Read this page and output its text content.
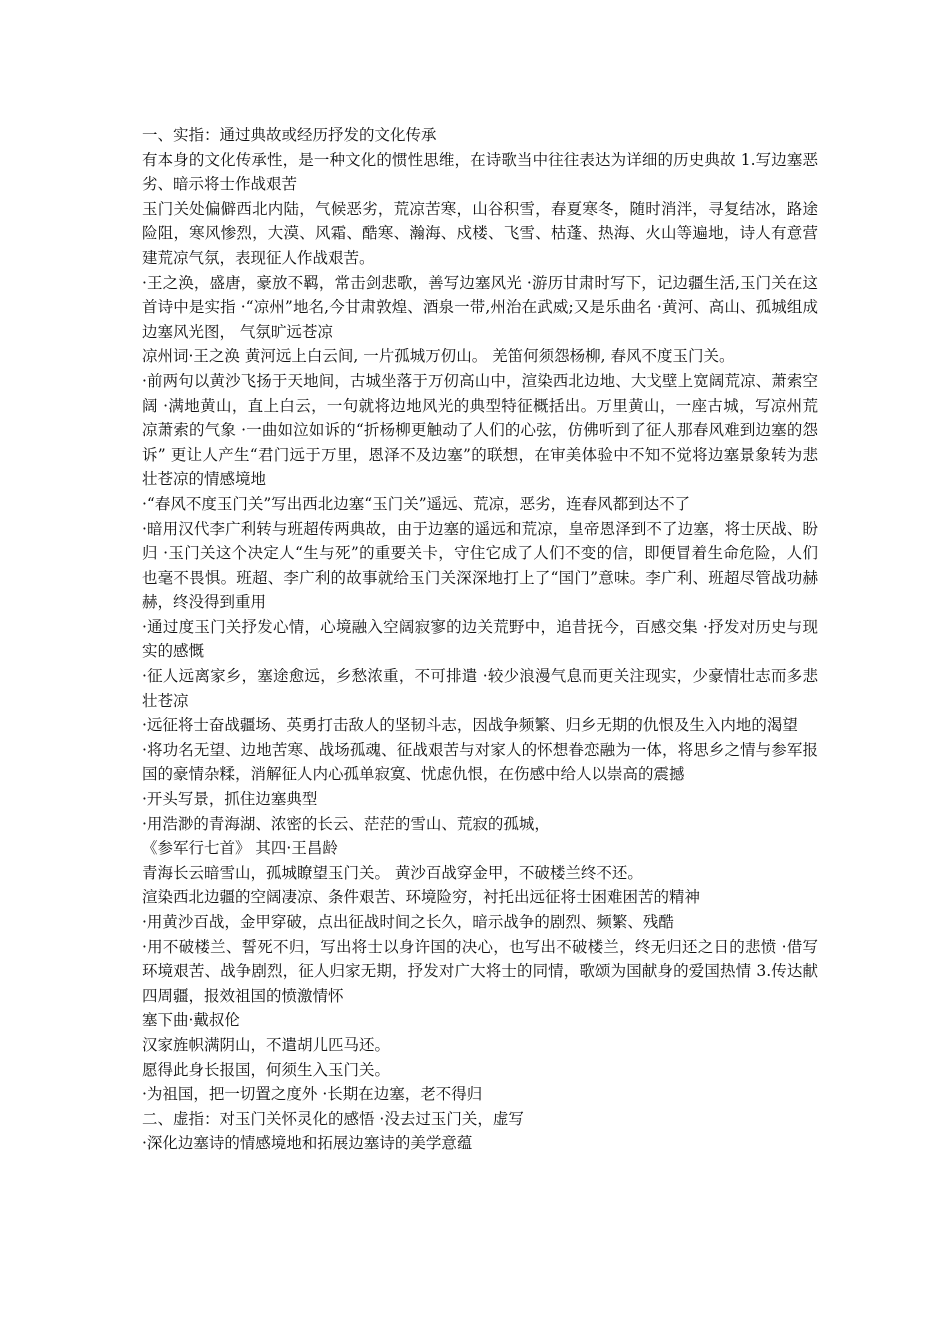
一、实指：通过典故或经历抒发的文化传承

有本身的文化传承性，是一种文化的惯性思维，在诗歌当中往往表达为详细的历史典故 1.写边塞恶劣、暗示将士作战艰苦

玉门关处偏僻西北内陆，气候恶劣，荒凉苦寒，山谷积雪，春夏寒冬，随时消泮，寻复结冰，路途险阻，寒风惨烈，大漠、风霜、酷寒、瀚海、戍楼、飞雪、枯蓬、热海、火山等遍地，诗人有意营建荒凉气氛，表现征人作战艰苦。

·王之涣，盛唐，豪放不羁，常击剑悲歌，善写边塞风光 ·游历甘肃时写下，记边疆生活,玉门关在这首诗中是实指 ·“凉州”地名,今甘肃敦煌、酒泉一带,州治在武威;又是乐曲名 ·黄河、高山、孤城组成边塞风光图， 气氛旷远苍凉

凉州词·王之涣 黄河远上白云间, 一片孤城万仞山。 羌笛何须怨杨柳, 春风不度玉门关。

·前两句以黄沙飞扬于天地间，古城坐落于万仞高山中，渲染西北边地、大戈壁上宽阔荒凉、萧索空阔 ·满地黄山，直上白云，一句就将边地风光的典型特征概括出。万里黄山，一座古城，写凉州荒凉萧索的气象 ·一曲如泣如诉的“折杨柳更触动了人们的心弦，仿佛听到了征人那春风难到边塞的怨诉” 更让人产生“君门远于万里，恩泽不及边塞”的联想，在审美体验中不知不觉将边塞景象转为悲壮苍凉的情感境地

·“春风不度玉门关”写出西北边塞“玉门关”遥远、荒凉，恶劣，连春风都到达不了

·暗用汉代李广利转与班超传两典故，由于边塞的遥远和荒凉，皇帝恩泽到不了边塞，将士厌战、盼归 ·玉门关这个决定人“生与死”的重要关卡，守住它成了人们不变的信，即便冒着生命危险，人们也毫不畏惧。班超、李广利的故事就给玉门关深深地打上了“国门”意味。李广利、班超尽管战功赫赫，终没得到重用

·通过度玉门关抒发心情，心境融入空阔寂寥的边关荒野中，追昔抚今，百感交集 ·抒发对历史与现实的感慨

·征人远离家乡，塞途愈远，乡愁浓重，不可排遣 ·较少浪漫气息而更关注现实，少豪情壮志而多悲壮苍凉

·远征将士奋战疆场、英勇打击敌人的坚韧斗志，因战争频繁、归乡无期的仇恨及生入内地的渴望

·将功名无望、边地苦寒、战场孤魂、征战艰苦与对家人的怀想眷恋融为一体，将思乡之情与参军报国的豪情杂糅，消解征人内心孤单寂寞、忧虑仇恨，在伤感中给人以崇高的震撼

·开头写景，抓住边塞典型

·用浩渺的青海湖、浓密的长云、茫茫的雪山、荒寂的孤城，

《参军行七首》 其四·王昌龄

青海长云暗雪山，孤城瞭望玉门关。 黄沙百战穿金甲，不破楼兰终不还。

渲染西北边疆的空阔凄凉、条件艰苦、环境险穷，衬托出远征将士困难困苦的精神

·用黄沙百战，金甲穿破，点出征战时间之长久，暗示战争的剧烈、频繁、残酷

·用不破楼兰、誓死不归，写出将士以身许国的决心，也写出不破楼兰，终无归还之日的悲愤 ·借写环境艰苦、战争剧烈，征人归家无期，抒发对广大将士的同情，歌颂为国献身的爱国热情 3.传达献四周疆，报效祖国的愤激情怀

塞下曲·戴叔伦

汉家旌帜满阴山，不遣胡儿匹马还。

愿得此身长报国，何须生入玉门关。

·为祖国，把一切置之度外 ·长期在边塞，老不得归

二、虚指：对玉门关怀灵化的感悟 ·没去过玉门关，虚写

·深化边塞诗的情感境地和拓展边塞诗的美学意蕴
